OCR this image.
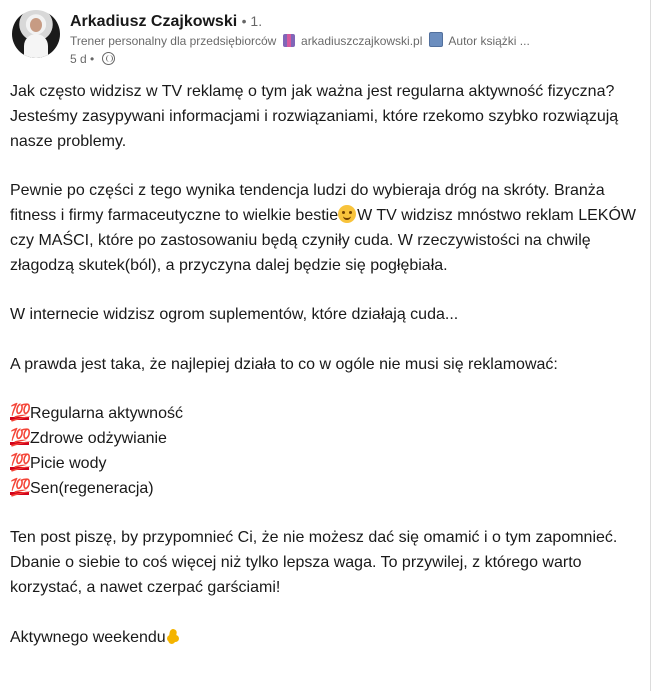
Arkadiusz Czajkowski • 1.
Trener personalny dla przedsiębiorców arkadiuszczajkowski.pl Autor książki ...
5 d •

Jak często widzisz w TV reklamę o tym jak ważna jest regularna aktywność fizyczna? Jesteśmy zasypywani informacjami i rozwiązaniami, które rzekomo szybko rozwiązują nasze problemy.

Pewnie po części z tego wynika tendencja ludzi do wybieraja dróg na skróty. Branża fitness i firmy farmaceutyczne to wielkie bestie W TV widzisz mnóstwo reklam LEKÓW czy MAŚCI, które po zastosowaniu będą czyniły cuda. W rzeczywistości na chwilę złagodzą skutek(ból), a przyczyna dalej będzie się pogłębiała.

W internecie widzisz ogrom suplementów, które działają cuda...

A prawda jest taka, że najlepiej działa to co w ogóle nie musi się reklamować:

💯Regularna aktywność
💯Zdrowe odżywianie
💯Picie wody
💯Sen(regeneracja)

Ten post piszę, by przypomnieć Ci, że nie możesz dać się omamić i o tym zapomnieć. Dbanie o siebie to coś więcej niż tylko lepsza waga. To przywilej, z którego warto korzystać, a nawet czerpać garściami!

Aktywnego weekendu
